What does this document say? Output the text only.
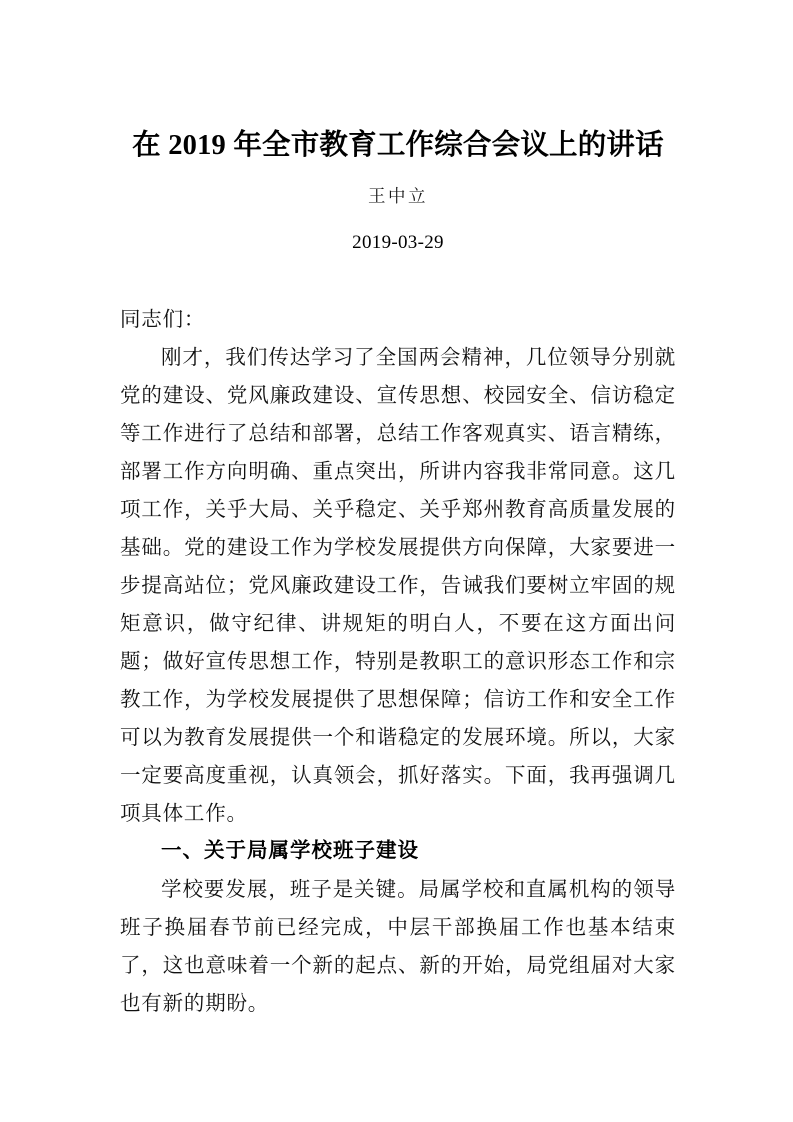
在 2019 年全市教育工作综合会议上的讲话
王中立
2019-03-29

同志们：

刚才，我们传达学习了全国两会精神，几位领导分别就党的建设、党风廉政建设、宣传思想、校园安全、信访稳定等工作进行了总结和部署，总结工作客观真实、语言精练，部署工作方向明确、重点突出，所讲内容我非常同意。这几项工作，关乎大局、关乎稳定、关乎郑州教育高质量发展的基础。党的建设工作为学校发展提供方向保障，大家要进一步提高站位；党风廉政建设工作，告诫我们要树立牢固的规矩意识，做守纪律、讲规矩的明白人，不要在这方面出问题；做好宣传思想工作，特别是教职工的意识形态工作和宗教工作，为学校发展提供了思想保障；信访工作和安全工作可以为教育发展提供一个和谐稳定的发展环境。所以，大家一定要高度重视，认真领会，抓好落实。下面，我再强调几项具体工作。

一、关于局属学校班子建设

学校要发展，班子是关键。局属学校和直属机构的领导班子换届春节前已经完成，中层干部换届工作也基本结束了，这也意味着一个新的起点、新的开始，局党组届对大家也有新的期盼。
